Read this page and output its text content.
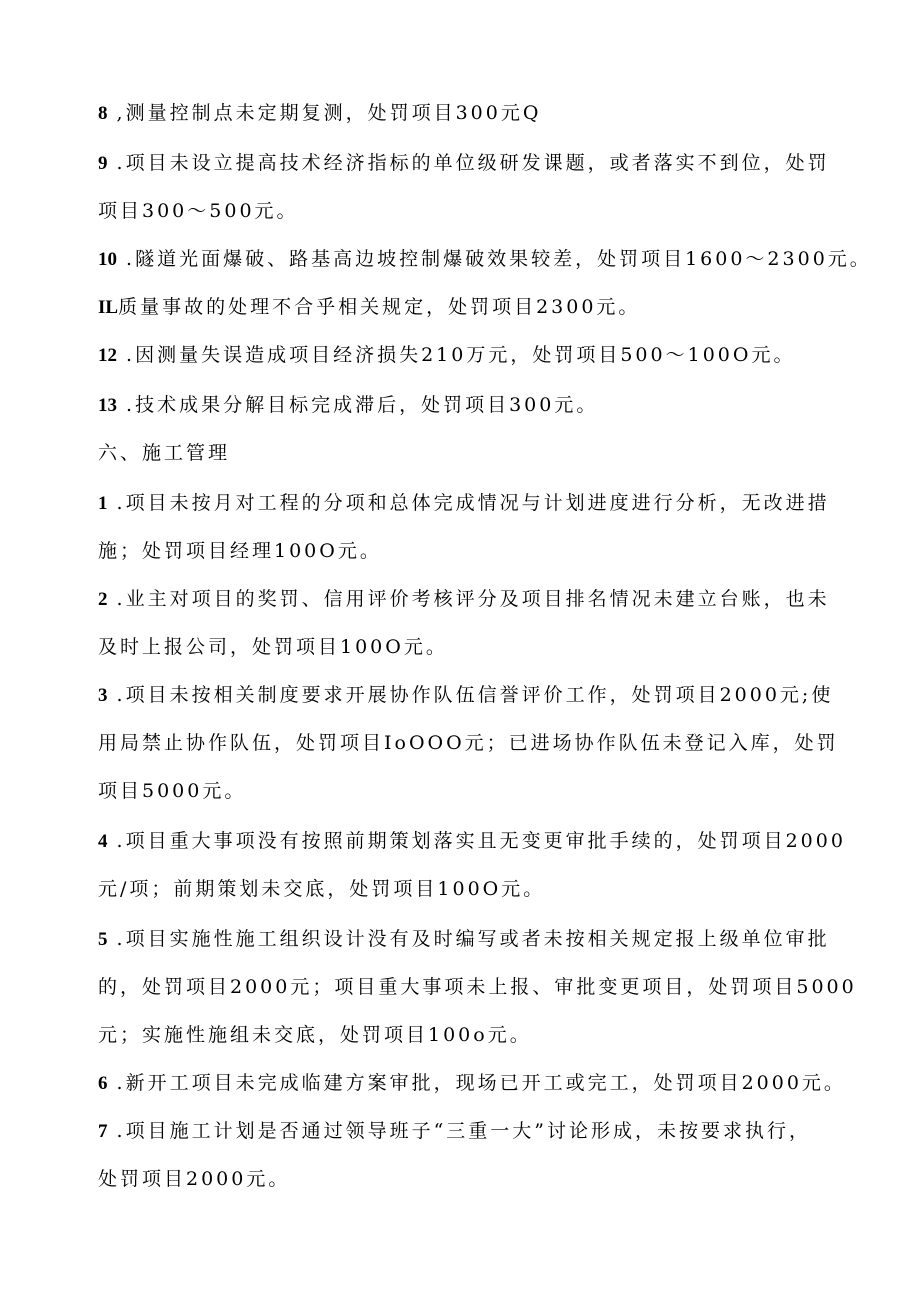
8 ,测量控制点未定期复测，处罚项目300元Q
9 .项目未设立提高技术经济指标的单位级研发课题，或者落实不到位，处罚
项目300～500元。
10 .隧道光面爆破、路基高边坡控制爆破效果较差，处罚项目1600～2300元。
IL质量事故的处理不合乎相关规定，处罚项目2300元。
12 .因测量失误造成项目经济损失210万元，处罚项目500～100O元。
13 .技术成果分解目标完成滞后，处罚项目300元。
六、施工管理
1 .项目未按月对工程的分项和总体完成情况与计划进度进行分析，无改进措
施；处罚项目经理100O元。
2 .业主对项目的奖罚、信用评价考核评分及项目排名情况未建立台账，也未
及时上报公司，处罚项目100O元。
3 .项目未按相关制度要求开展协作队伍信誉评价工作，处罚项目2000元;使
用局禁止协作队伍，处罚项目IoOOO元；已进场协作队伍未登记入库，处罚
项目5000元。
4 .项目重大事项没有按照前期策划落实且无变更审批手续的，处罚项目2000
元/项；前期策划未交底，处罚项目100O元。
5 .项目实施性施工组织设计没有及时编写或者未按相关规定报上级单位审批
的，处罚项目2000元；项目重大事项未上报、审批变更项目，处罚项目5000
元；实施性施组未交底，处罚项目100o元。
6 .新开工项目未完成临建方案审批，现场已开工或完工，处罚项目2000元。
7 .项目施工计划是否通过领导班子“三重一大”讨论形成，未按要求执行，
处罚项目2000元。
